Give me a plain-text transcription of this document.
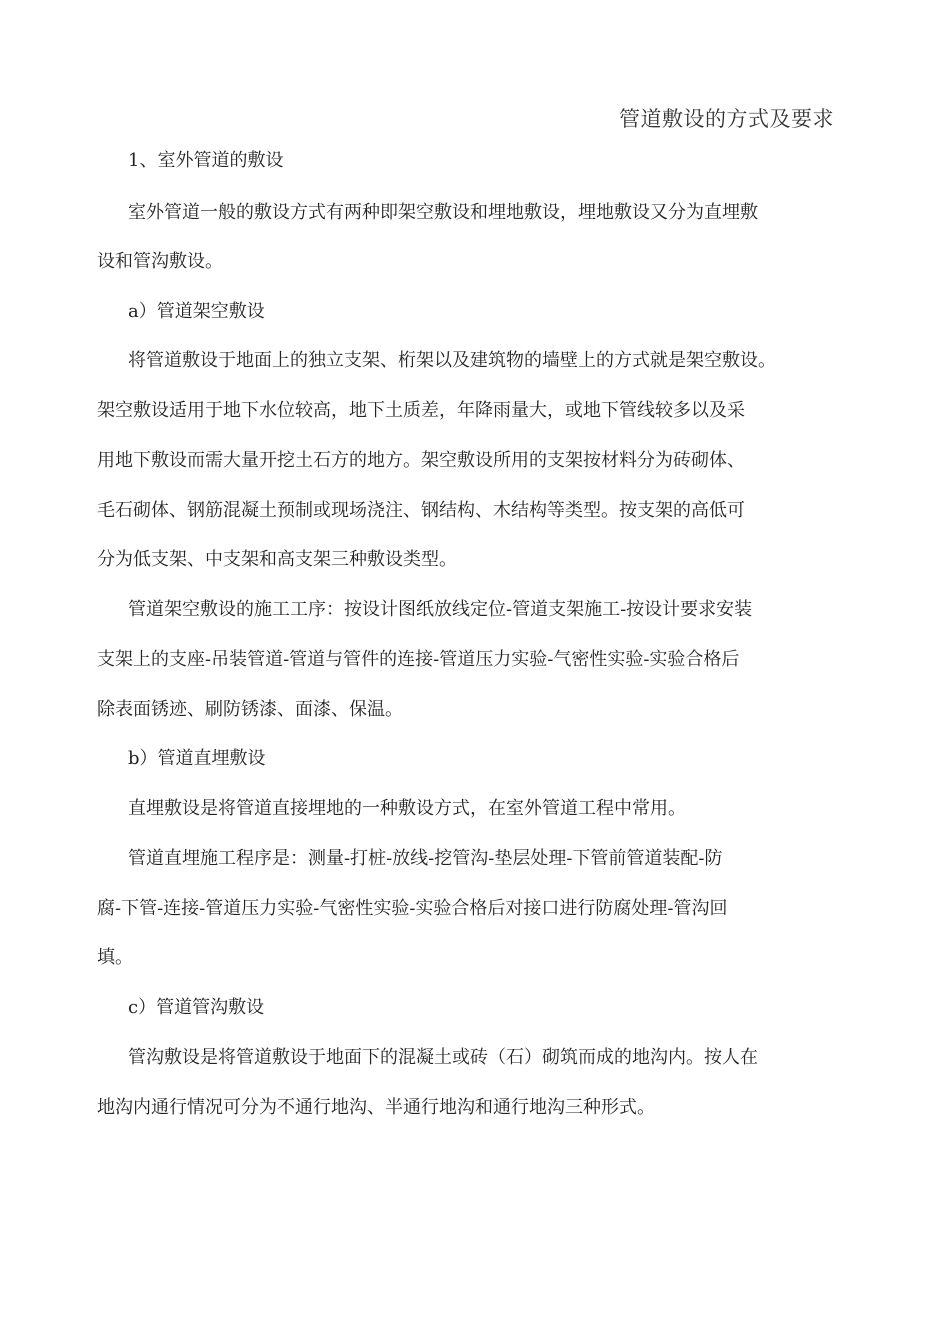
管道敷设的方式及要求
1、室外管道的敷设
室外管道一般的敷设方式有两种即架空敷设和埋地敷设，埋地敷设又分为直埋敷
设和管沟敷设。
a）管道架空敷设
将管道敷设于地面上的独立支架、桁架以及建筑物的墙壁上的方式就是架空敷设。
架空敷设适用于地下水位较高，地下土质差，年降雨量大，或地下管线较多以及采
用地下敷设而需大量开挖土石方的地方。架空敷设所用的支架按材料分为砖砌体、
毛石砌体、钢筋混凝土预制或现场浇注、钢结构、木结构等类型。按支架的高低可
分为低支架、中支架和高支架三种敷设类型。
管道架空敷设的施工工序：按设计图纸放线定位-管道支架施工-按设计要求安装
支架上的支座-吊装管道-管道与管件的连接-管道压力实验-气密性实验-实验合格后
除表面锈迹、刷防锈漆、面漆、保温。
b）管道直埋敷设
直埋敷设是将管道直接埋地的一种敷设方式，在室外管道工程中常用。
管道直埋施工程序是：测量-打桩-放线-挖管沟-垫层处理-下管前管道装配-防
腐-下管-连接-管道压力实验-气密性实验-实验合格后对接口进行防腐处理-管沟回
填。
c）管道管沟敷设
管沟敷设是将管道敷设于地面下的混凝土或砖（石）砌筑而成的地沟内。按人在
地沟内通行情况可分为不通行地沟、半通行地沟和通行地沟三种形式。
